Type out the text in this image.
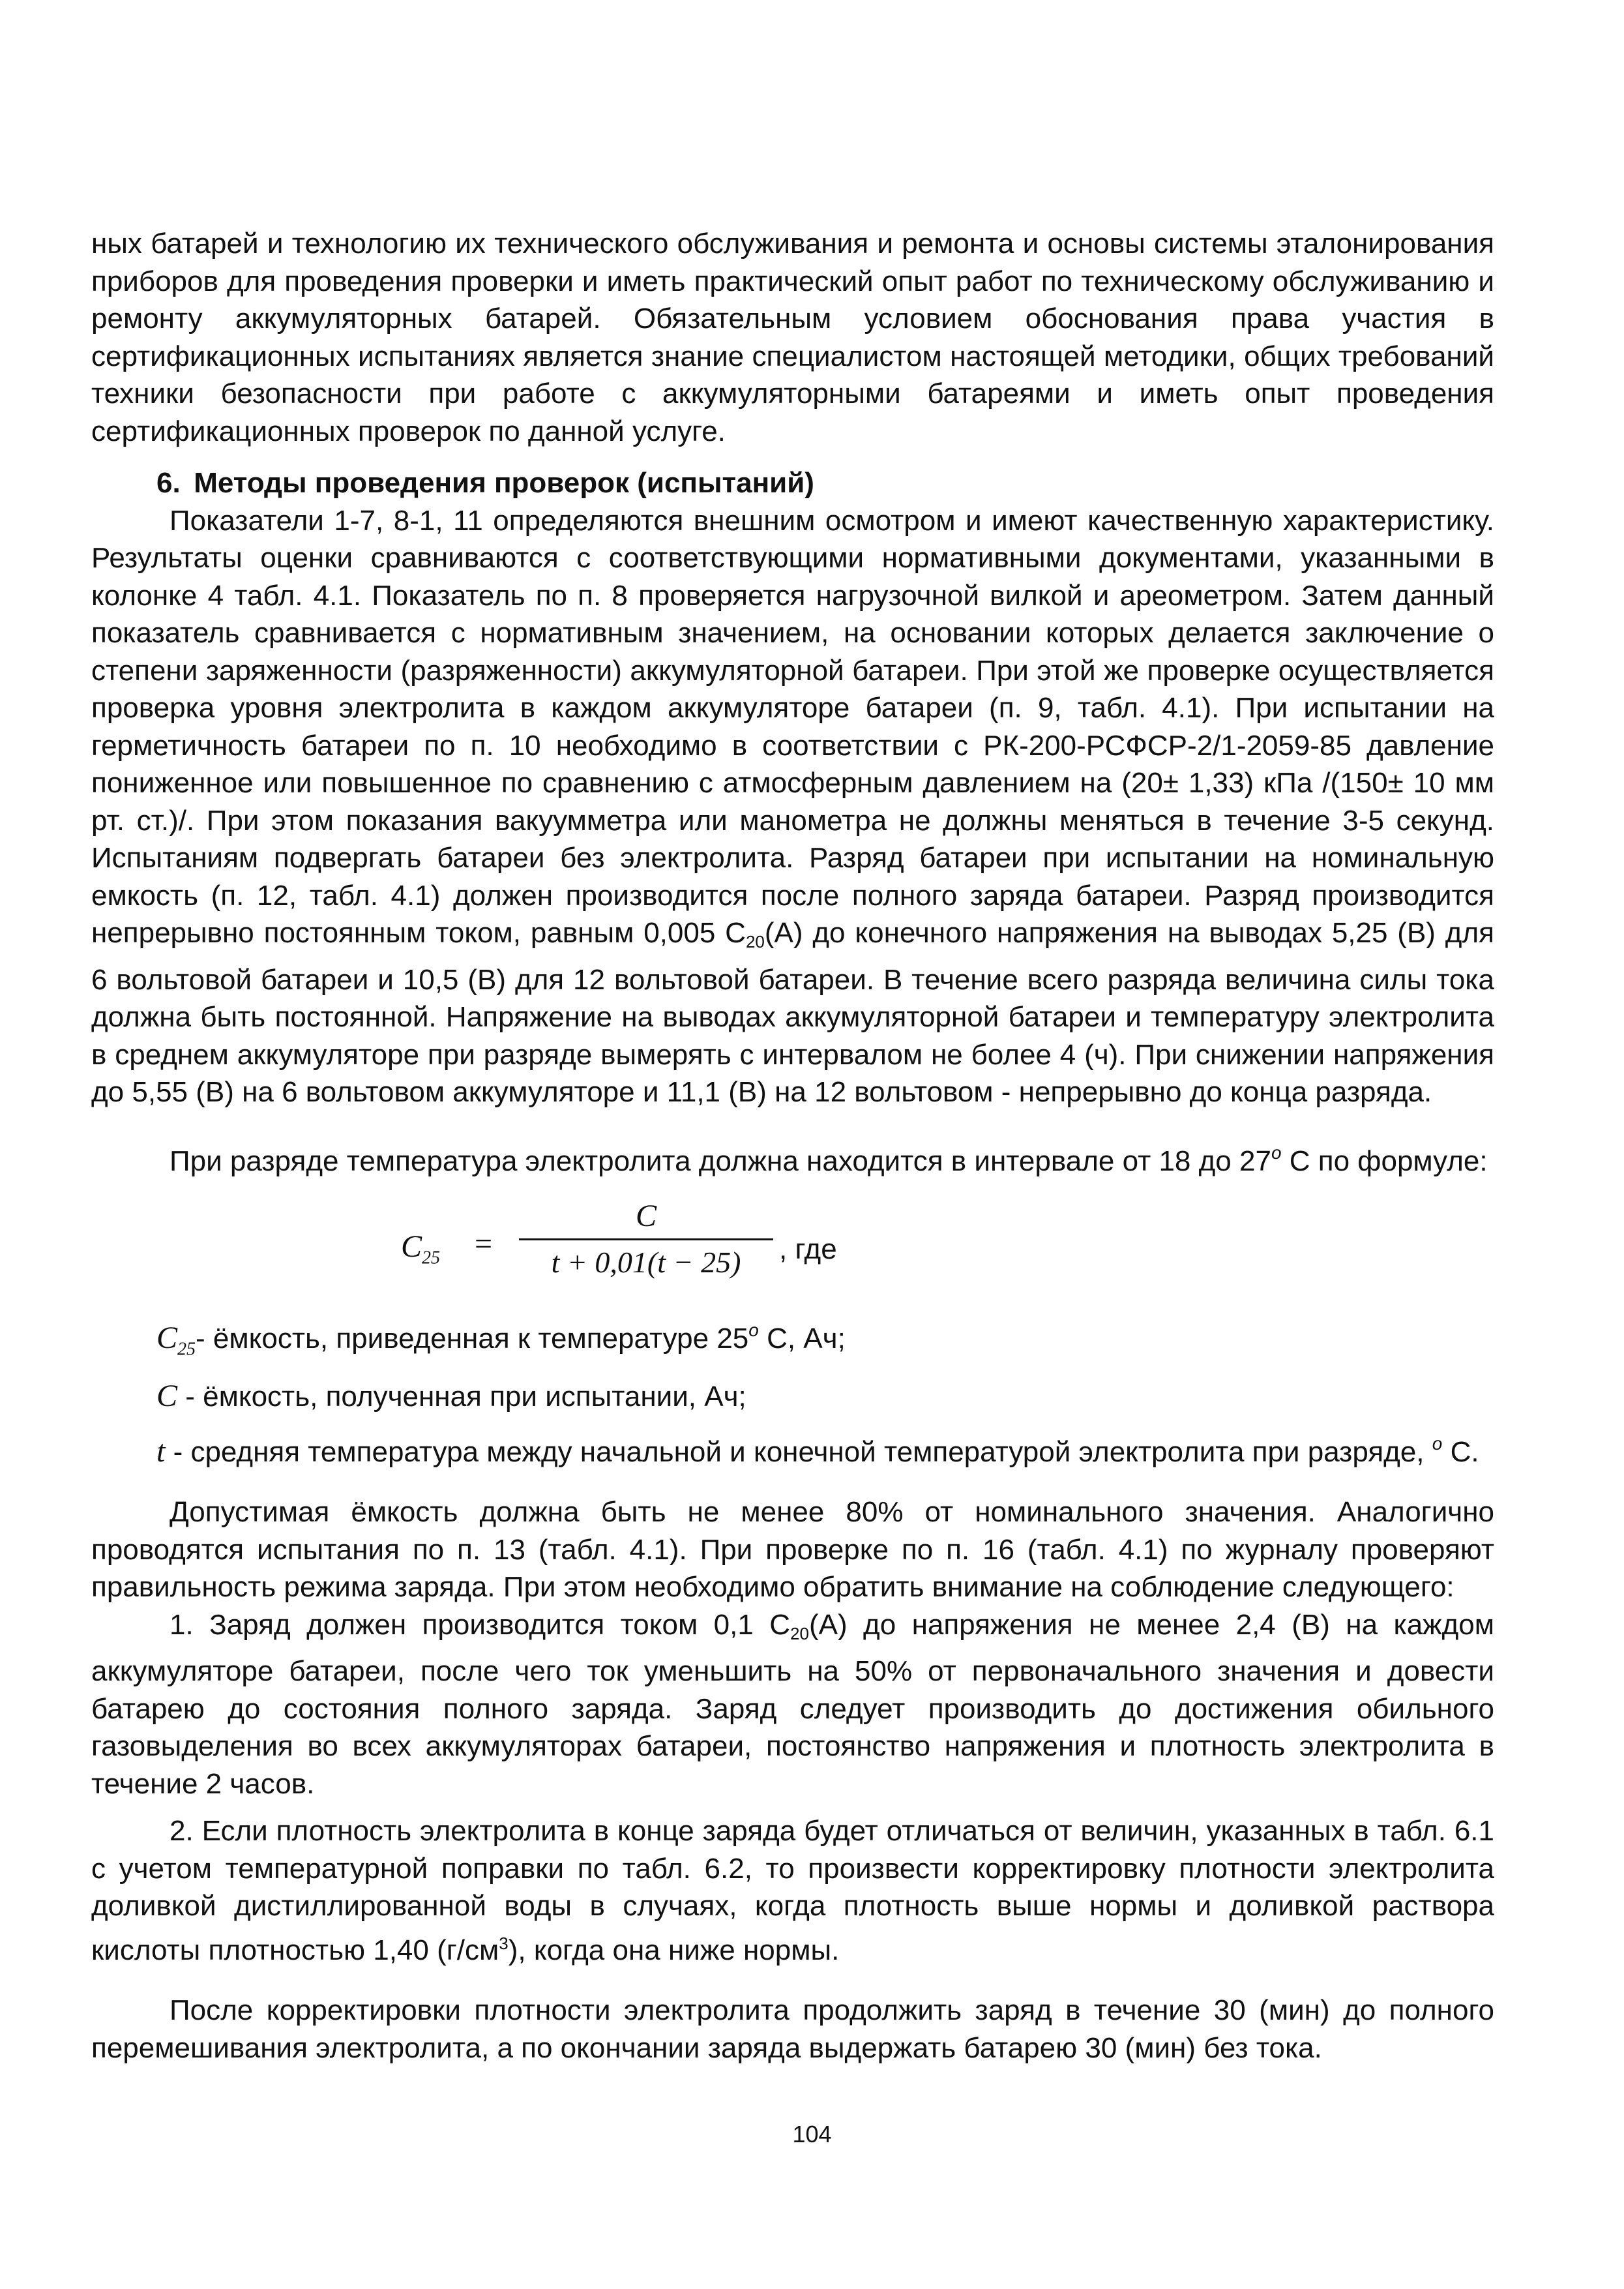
ных батарей и технологию их технического обслуживания и ремонта и основы системы эталонирования приборов для проведения проверки и иметь практический опыт работ по техническому обслуживанию и ремонту аккумуляторных батарей. Обязательным условием обоснования права участия в сертификационных испытаниях является знание специалистом настоящей методики, общих требований техники безопасности при работе с аккумуляторными батареями и иметь опыт проведения сертификационных проверок по данной услуге.

6. Методы проведения проверок (испытаний)

Показатели 1-7, 8-1, 11 определяются внешним осмотром и имеют качественную характеристику. Результаты оценки сравниваются с соответствующими нормативными документами, указанными в колонке 4 табл. 4.1. Показатель по п. 8 проверяется нагрузочной вилкой и ареометром. Затем данный показатель сравнивается с нормативным значением, на основании которых делается заключение о степени заряженности (разряженности) аккумуляторной батареи. При этой же проверке осуществляется проверка уровня электролита в каждом аккумуляторе батареи (п. 9, табл. 4.1). При испытании на герметичность батареи по п. 10 необходимо в соответствии с РК-200-РСФСР-2/1-2059-85 давление пониженное или повышенное по сравнению с атмосферным давлением на (20± 1,33) кПа /(150± 10 мм рт. ст.)/. При этом показания вакуумметра или манометра не должны меняться в течение 3-5 секунд. Испытаниям подвергать батареи без электролита. Разряд батареи при испытании на номинальную емкость (п. 12, табл. 4.1) должен производится после полного заряда батареи. Разряд производится непрерывно постоянным током, равным 0,005 С20(А) до конечного напряжения на выводах 5,25 (В) для 6 вольтовой батареи и 10,5 (В) для 12 вольтовой батареи. В течение всего разряда величина силы тока должна быть постоянной. Напряжение на выводах аккумуляторной батареи и температуру электролита в среднем аккумуляторе при разряде вымерять с интервалом не более 4 (ч). При снижении напряжения до 5,55 (В) на 6 вольтовом аккумуляторе и 11,1 (В) на 12 вольтовом - непрерывно до конца разряда.

При разряде температура электролита должна находится в интервале от 18 до 27$^o$ С по формуле:

$C_{25}$ =
C
t + 0,01(t − 25)	, где

$C_{25}-$ ёмкость, приведенная к температуре 25$^o$ С, Ач;

C - ёмкость, полученная при испытании, Ач;

t - средняя температура между начальной и конечной температурой электролита при разряде, $^o$ С.

Допустимая ёмкость должна быть не менее 80% от номинального значения. Аналогично проводятся испытания по п. 13 (табл. 4.1). При проверке по п. 16 (табл. 4.1) по журналу проверяют правильность режима заряда. При этом необходимо обратить внимание на соблюдение следующего:

1. Заряд должен производится током 0,1 С20(А) до напряжения не менее 2,4 (В) на каждом аккумуляторе батареи, после чего ток уменьшить на 50% от первоначального значения и довести батарею до состояния полного заряда. Заряд следует производить до достижения обильного газовыделения во всех аккумуляторах батареи, постоянство напряжения и плотность электролита в течение 2 часов.

2. Если плотность электролита в конце заряда будет отличаться от величин, указанных в табл. 6.1 с учетом температурной поправки по табл. 6.2, то произвести корректировку плотности электролита доливкой дистиллированной воды в случаях, когда плотность выше нормы и доливкой раствора кислоты плотностью 1,40 $(г/см^3)$, когда она ниже нормы.

После корректировки плотности электролита продолжить заряд в течение 30 (мин) до полного перемешивания электролита, а по окончании заряда выдержать батарею 30 (мин) без тока.

104
